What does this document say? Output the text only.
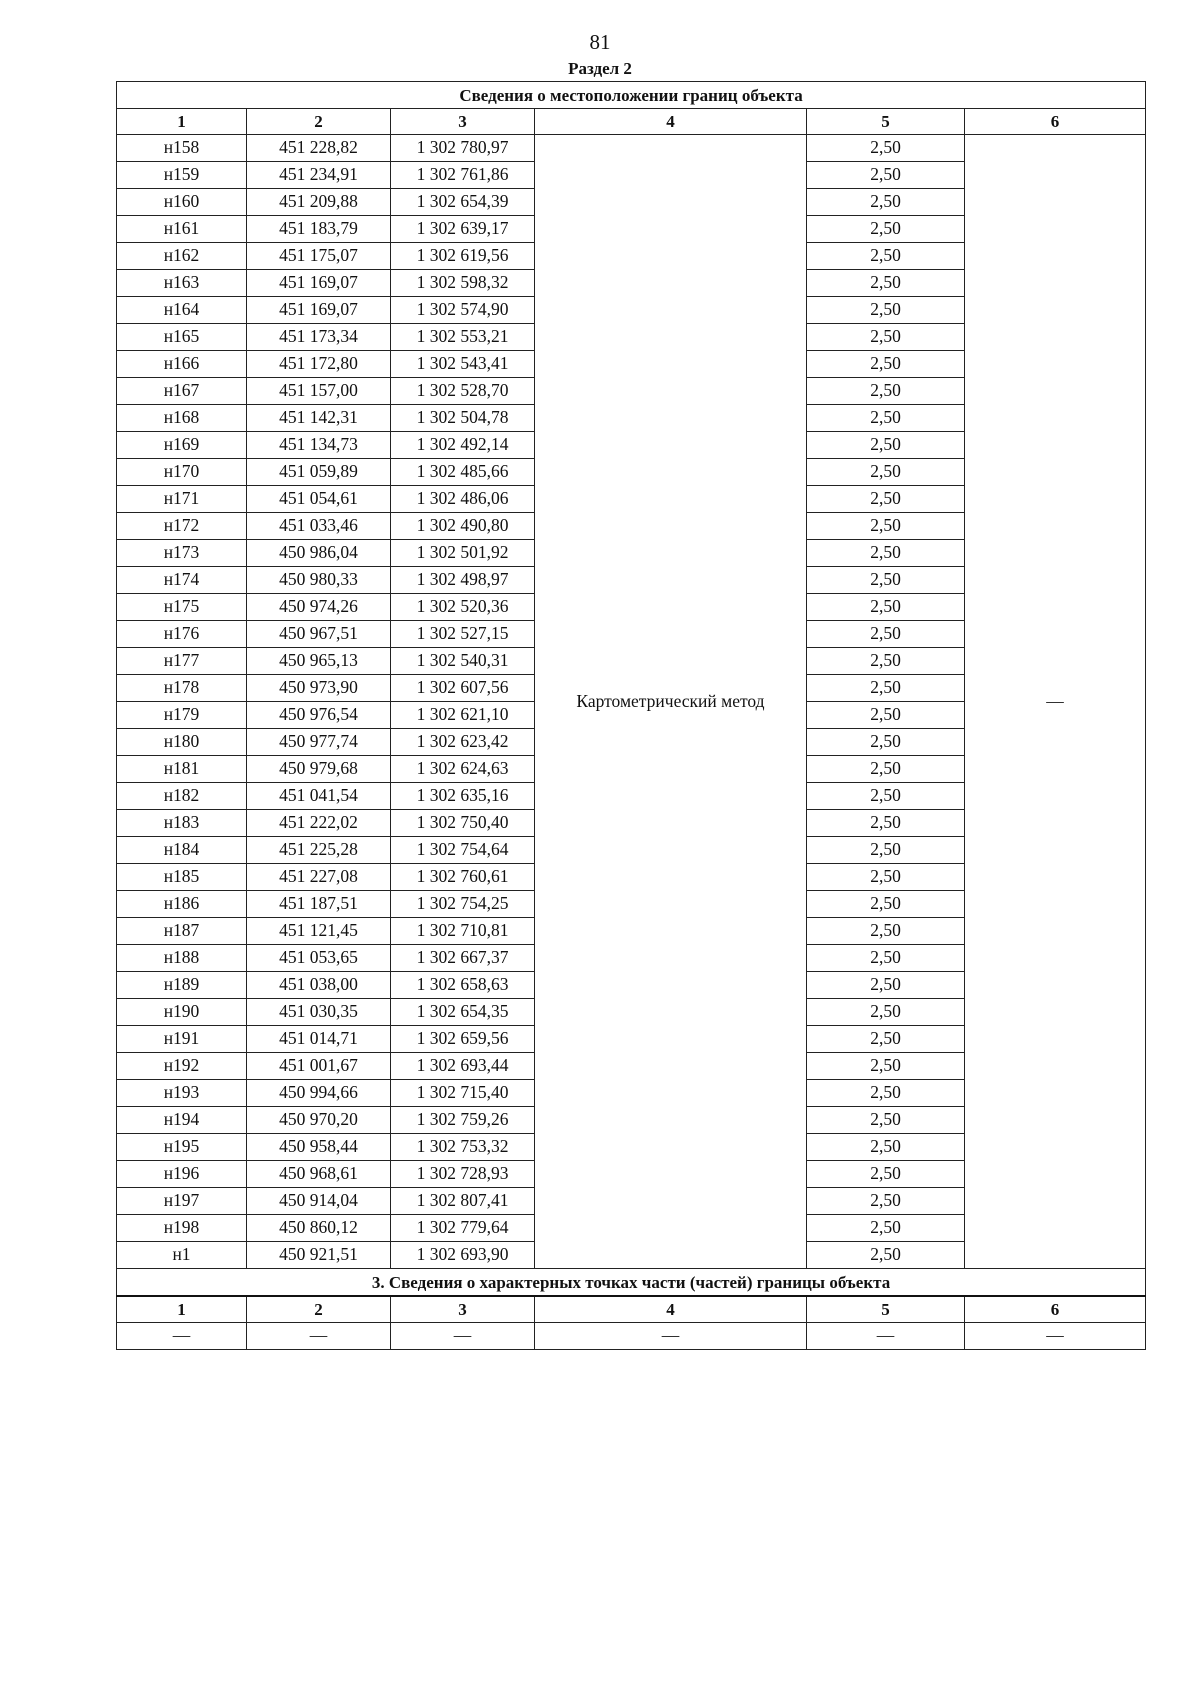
81
Раздел 2
Сведения о местоположении границ объекта					
1	2	3	4	5	6
н158	451 228,82	1 302 780,97	Картометрический метод	2,50	—
н159	451 234,91	1 302 761,86		2,50	
н160	451 209,88	1 302 654,39		2,50	
н161	451 183,79	1 302 639,17		2,50	
н162	451 175,07	1 302 619,56		2,50	
н163	451 169,07	1 302 598,32		2,50	
н164	451 169,07	1 302 574,90		2,50	
н165	451 173,34	1 302 553,21		2,50	
н166	451 172,80	1 302 543,41		2,50	
н167	451 157,00	1 302 528,70		2,50	
н168	451 142,31	1 302 504,78		2,50	
н169	451 134,73	1 302 492,14		2,50	
н170	451 059,89	1 302 485,66		2,50	
н171	451 054,61	1 302 486,06		2,50	
н172	451 033,46	1 302 490,80		2,50	
н173	450 986,04	1 302 501,92		2,50	
н174	450 980,33	1 302 498,97		2,50	
н175	450 974,26	1 302 520,36		2,50	
н176	450 967,51	1 302 527,15		2,50	
н177	450 965,13	1 302 540,31		2,50	
н178	450 973,90	1 302 607,56		2,50	
н179	450 976,54	1 302 621,10		2,50	
н180	450 977,74	1 302 623,42		2,50	
н181	450 979,68	1 302 624,63		2,50	
н182	451 041,54	1 302 635,16		2,50	
н183	451 222,02	1 302 750,40		2,50	
н184	451 225,28	1 302 754,64		2,50	
н185	451 227,08	1 302 760,61		2,50	
н186	451 187,51	1 302 754,25		2,50	
н187	451 121,45	1 302 710,81		2,50	
н188	451 053,65	1 302 667,37		2,50	
н189	451 038,00	1 302 658,63		2,50	
н190	451 030,35	1 302 654,35		2,50	
н191	451 014,71	1 302 659,56		2,50	
н192	451 001,67	1 302 693,44		2,50	
н193	450 994,66	1 302 715,40		2,50	
н194	450 970,20	1 302 759,26		2,50	
н195	450 958,44	1 302 753,32		2,50	
н196	450 968,61	1 302 728,93		2,50	
н197	450 914,04	1 302 807,41		2,50	
н198	450 860,12	1 302 779,64		2,50	
н1	450 921,51	1 302 693,90		2,50	
3. Сведения о характерных точках части (частей) границы объекта					
1	2	3	4	5	6
—	—	—	—	—	—
